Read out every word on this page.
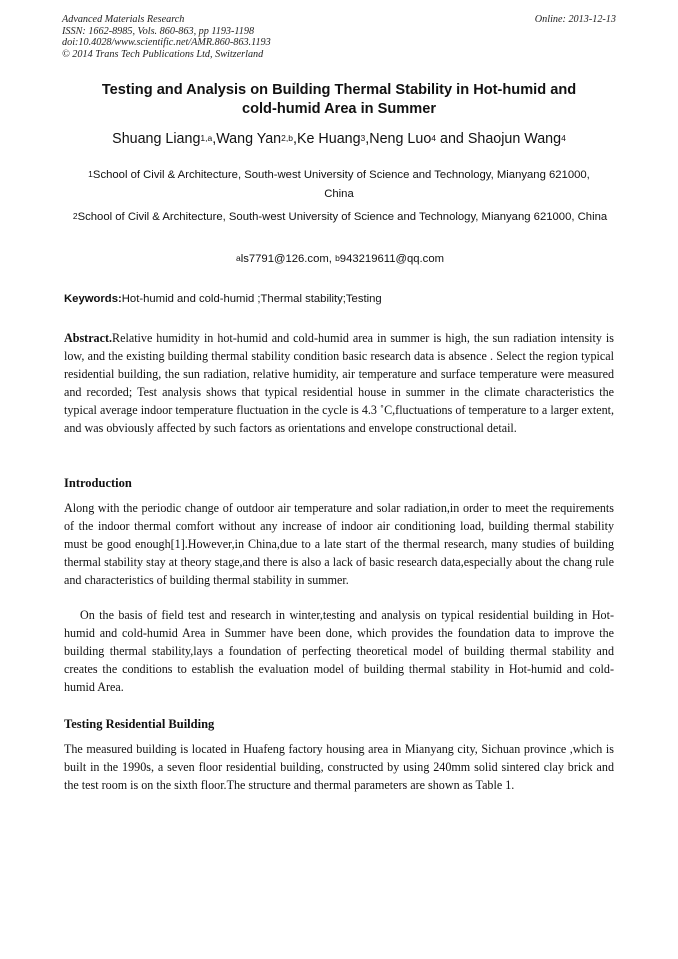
Advanced Materials Research
ISSN: 1662-8985, Vols. 860-863, pp 1193-1198
doi:10.4028/www.scientific.net/AMR.860-863.1193
© 2014 Trans Tech Publications Ltd, Switzerland
Online: 2013-12-13
Testing and Analysis on Building Thermal Stability in Hot-humid and
cold-humid Area in Summer
Shuang Liang$^{1,a}$,Wang Yan$^{2,b}$,Ke Huang$^3$,Neng Luo$^4$ and Shaojun Wang$^4$
$^1$School of Civil & Architecture, South-west University of Science and Technology, Mianyang 621000, China
$^2$School of Civil & Architecture, South-west University of Science and Technology, Mianyang 621000, China
$^a$ls7791@126.com, $^b$943219611@qq.com
Keywords:Hot-humid and cold-humid ;Thermal stability;Testing
Abstract.Relative humidity in hot-humid and cold-humid area in summer is high, the sun radiation intensity is low, and the existing building thermal stability condition basic research data is absence . Select the region typical residential building, the sun radiation, relative humidity, air temperature and surface temperature were measured and recorded; Test analysis shows that typical residential house in summer in the climate characteristics the typical average indoor temperature fluctuation in the cycle is 4.3 ˚C,fluctuations of temperature to a larger extent, and was obviously affected by such factors as orientations and envelope constructional detail.
Introduction
Along with the periodic change of outdoor air temperature and solar radiation,in order to meet the requirements of the indoor thermal comfort without any increase of indoor air conditioning load, building thermal stability must be good enough[1].However,in China,due to a late start of the thermal research, many studies of building thermal stability stay at theory stage,and there is also a lack of basic research data,especially about the chang rule and characteristics of building thermal stability in summer.
On the basis of field test and research in winter,testing and analysis on typical residential building in Hot-humid and cold-humid Area in Summer have been done, which provides the foundation data to improve the building thermal stability,lays a foundation of perfecting theoretical model of building thermal stability and creates the conditions to establish the evaluation model of building thermal stability in Hot-humid and cold-humid Area.
Testing Residential Building
The measured building is located in Huafeng factory housing area in Mianyang city, Sichuan province ,which is built in the 1990s, a seven floor residential building, constructed by using 240mm solid sintered clay brick and the test room is on the sixth floor.The structure and thermal parameters are shown as Table 1.
